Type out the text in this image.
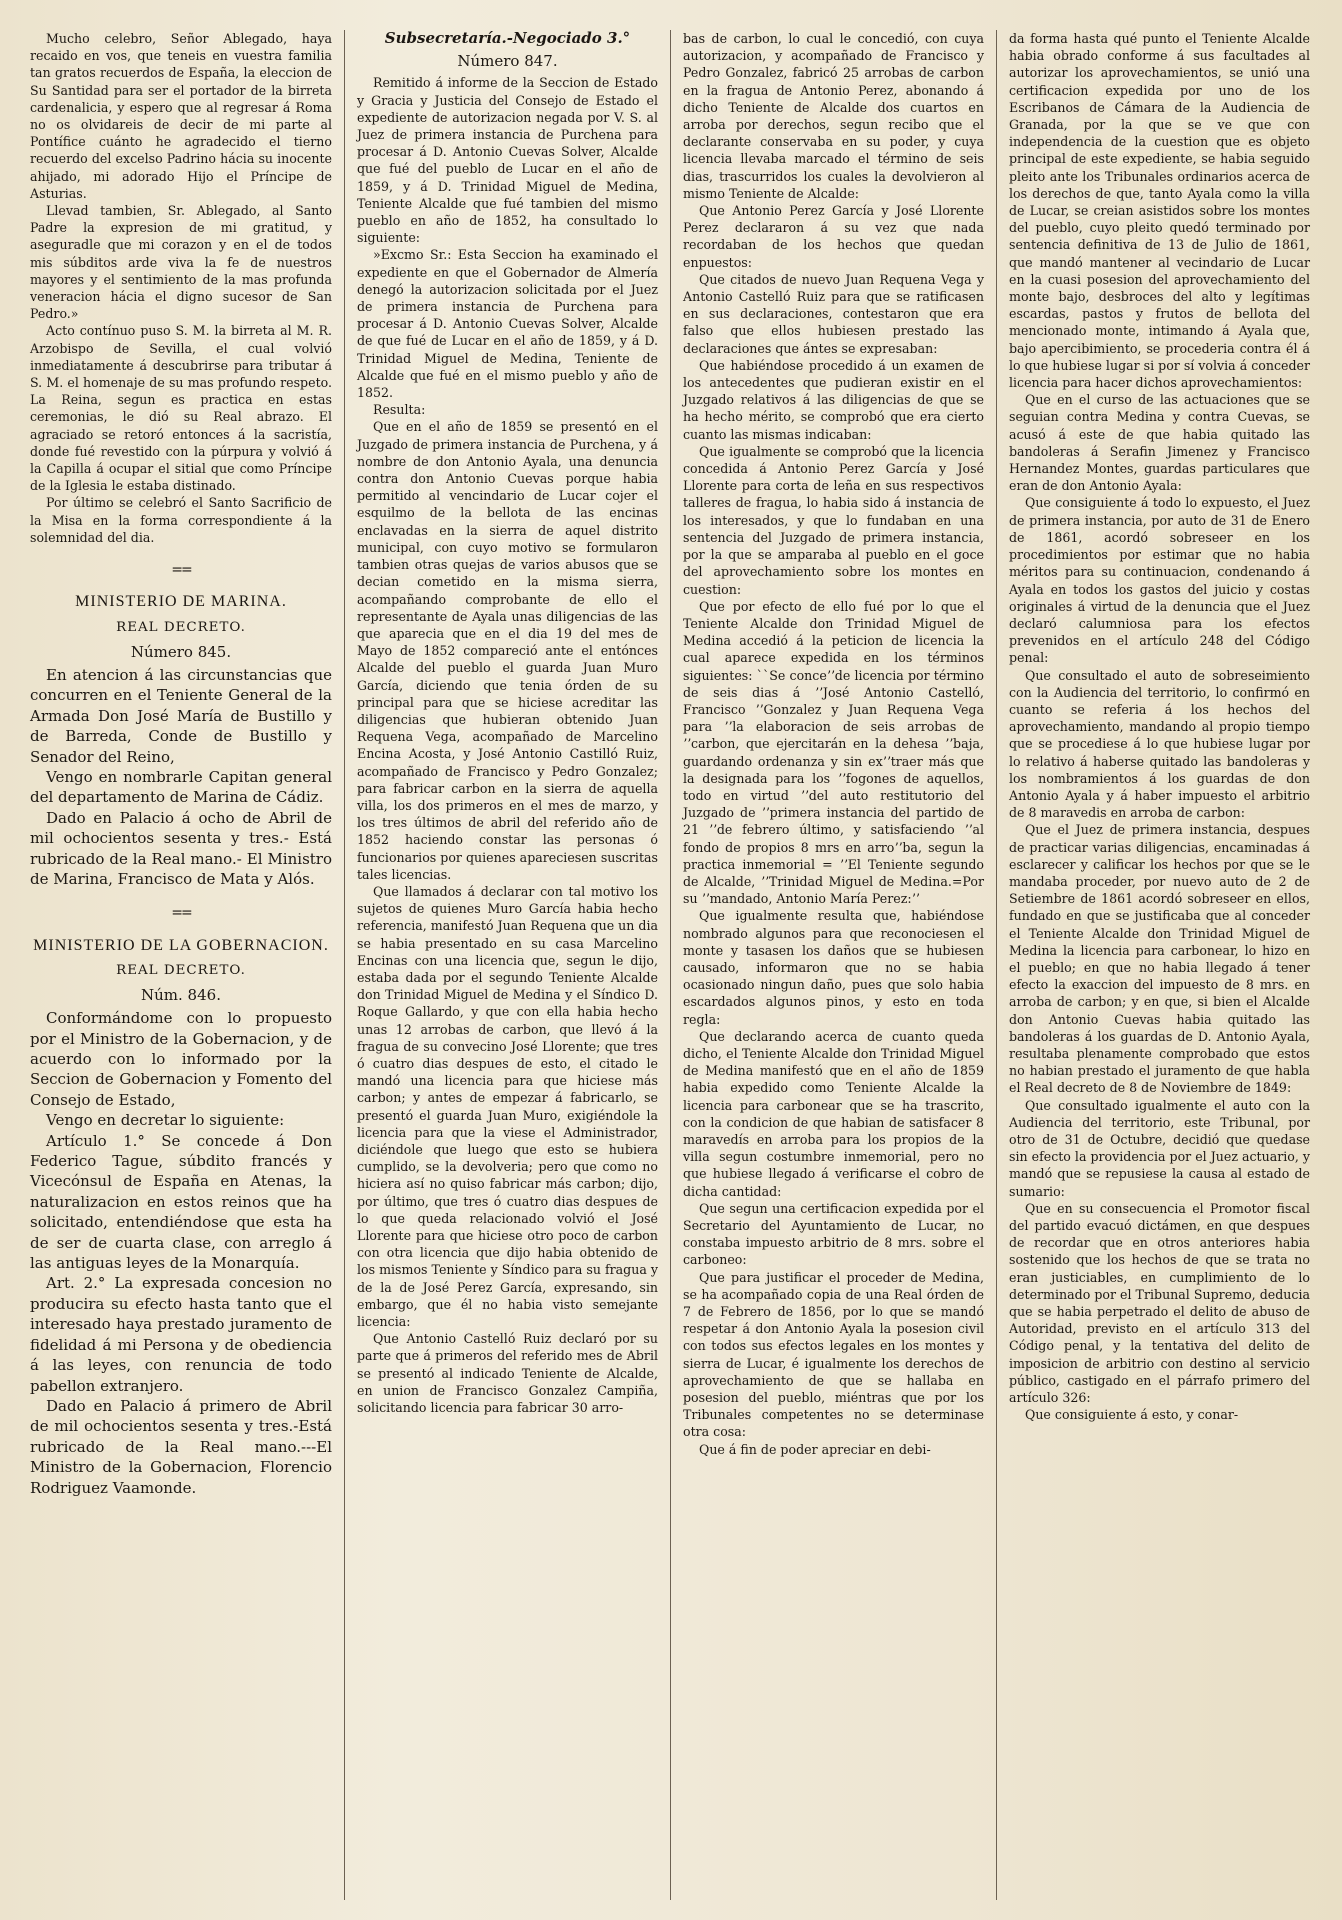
Mucho celebro, Señor Ablegado, haya recaido en vos, que teneis en vuestra familia tan gratos recuerdos de España, la eleccion de Su Santidad para ser el portador de la birreta cardenalicia, y espero que al regresar á Roma no os olvidareis de decir de mi parte al Pontífice cuánto he agradecido el tierno recuerdo del excelso Padrino hácia su inocente ahijado, mi adorado Hijo el Príncipe de Asturias.

Llevad tambien, Sr. Ablegado, al Santo Padre la expresion de mi gratitud, y aseguradle que mi corazon y en el de todos mis súbditos arde viva la fe de nuestros mayores y el sentimiento de la mas profunda veneracion hácia el digno sucesor de San Pedro.»

Acto contínuo puso S. M. la birreta al M. R. Arzobispo de Sevilla, el cual volvió inmediatamente á descubrirse para tributar á S. M. el homenaje de su mas profundo respeto. La Reina, segun es practica en estas ceremonias, le dió su Real abrazo. El agraciado se retoró entonces á la sacristía, donde fué revestido con la púrpura y volvió á la Capilla á ocupar el sitial que como Príncipe de la Iglesia le estaba distinado.

Por último se celebró el Santo Sacrificio de la Misa en la forma correspondiente á la solemnidad del dia.

==
MINISTERIO DE MARINA.
REAL DECRETO.
Número 845.

En atencion á las circunstancias que concurren en el Teniente General de la Armada Don José María de Bustillo y de Barreda, Conde de Bustillo y Senador del Reino,

Vengo en nombrarle Capitan general del departamento de Marina de Cádiz.

Dado en Palacio á ocho de Abril de mil ochocientos sesenta y tres.- Está rubricado de la Real mano.- El Ministro de Marina, Francisco de Mata y Alós.

==
MINISTERIO DE LA GOBERNACION.
REAL DECRETO.
Núm. 846.

Conformándome con lo propuesto por el Ministro de la Gobernacion, y de acuerdo con lo informado por la Seccion de Gobernacion y Fomento del Consejo de Estado,

Vengo en decretar lo siguiente:

Artículo 1.° Se concede á Don Federico Tague, súbdito francés y Vicecónsul de España en Atenas, la naturalizacion en estos reinos que ha solicitado, entendiéndose que esta ha de ser de cuarta clase, con arreglo á las antiguas leyes de la Monarquía.

Art. 2.° La expresada concesion no producira su efecto hasta tanto que el interesado haya prestado juramento de fidelidad á mi Persona y de obediencia á las leyes, con renuncia de todo pabellon extranjero.

Dado en Palacio á primero de Abril de mil ochocientos sesenta y tres.-Está rubricado de la Real mano.---El Ministro de la Gobernacion, Florencio Rodriguez Vaamonde.

Subsecretaría.-Negociado 3.°
Número 847.

Remitido á informe de la Seccion de Estado y Gracia y Justicia del Consejo de Estado el expediente de autorizacion negada por V. S. al Juez de primera instancia de Purchena para procesar á D. Antonio Cuevas Solver, Alcalde que fué del pueblo de Lucar en el año de 1859, y á D. Trinidad Miguel de Medina, Teniente Alcalde que fué tambien del mismo pueblo en año de 1852, ha consultado lo siguiente:

»Excmo Sr.: Esta Seccion ha examinado el expediente en que el Gobernador de Almería denegó la autorizacion solicitada por el Juez de primera instancia de Purchena para procesar á D. Antonio Cuevas Solver, Alcalde de que fué de Lucar en el año de 1859, y á D. Trinidad Miguel de Medina, Teniente de Alcalde que fué en el mismo pueblo y año de 1852.

Resulta:

Que en el año de 1859 se presentó en el Juzgado de primera instancia de Purchena, y á nombre de don Antonio Ayala, una denuncia contra don Antonio Cuevas porque habia permitido al vencindario de Lucar cojer el esquilmo de la bellota de las encinas enclavadas en la sierra de aquel distrito municipal, con cuyo motivo se formularon tambien otras quejas de varios abusos que se decian cometido en la misma sierra, acompañando comprobante de ello el representante de Ayala unas diligencias de las que aparecia que en el dia 19 del mes de Mayo de 1852 compareció ante el entónces Alcalde del pueblo el guarda Juan Muro García, diciendo que tenia órden de su principal para que se hiciese acreditar las diligencias que hubieran obtenido Juan Requena Vega, acompañado de Marcelino Encina Acosta, y José Antonio Castilló Ruiz, acompañado de Francisco y Pedro Gonzalez; para fabricar carbon en la sierra de aquella villa, los dos primeros en el mes de marzo, y los tres últimos de abril del referido año de 1852 haciendo constar las personas ó funcionarios por quienes apareciesen suscritas tales licencias.

Que llamados á declarar con tal motivo los sujetos de quienes Muro García habia hecho referencia, manifestó Juan Requena que un dia se habia presentado en su casa Marcelino Encinas con una licencia que, segun le dijo, estaba dada por el segundo Teniente Alcalde don Trinidad Miguel de Medina y el Síndico D. Roque Gallardo, y que con ella habia hecho unas 12 arrobas de carbon, que llevó á la fragua de su convecino José Llorente; que tres ó cuatro dias despues de esto, el citado le mandó una licencia para que hiciese más carbon; y antes de empezar á fabricarlo, se presentó el guarda Juan Muro, exigiéndole la licencia para que la viese el Administrador, diciéndole que luego que esto se hubiera cumplido, se la devolveria; pero que como no hiciera así no quiso fabricar más carbon; dijo, por último, que tres ó cuatro dias despues de lo que queda relacionado volvió el José Llorente para que hiciese otro poco de carbon con otra licencia que dijo habia obtenido de los mismos Teniente y Síndico para su fragua y de la de José Perez García, expresando, sin embargo, que él no habia visto semejante licencia:

Que Antonio Castelló Ruiz declaró por su parte que á primeros del referido mes de Abril se presentó al indicado Teniente de Alcalde, en union de Francisco Gonzalez Campiña, solicitando licencia para fabricar 30 arro-

bas de carbon, lo cual le concedió, con cuya autorizacion, y acompañado de Francisco y Pedro Gonzalez, fabricó 25 arrobas de carbon en la fragua de Antonio Perez, abonando á dicho Teniente de Alcalde dos cuartos en arroba por derechos, segun recibo que el declarante conservaba en su poder, y cuya licencia llevaba marcado el término de seis dias, trascurridos los cuales la devolvieron al mismo Teniente de Alcalde:

Que Antonio Perez García y José Llorente Perez declararon á su vez que nada recordaban de los hechos que quedan enpuestos:

Que citados de nuevo Juan Requena Vega y Antonio Castelló Ruiz para que se ratificasen en sus declaraciones, contestaron que era falso que ellos hubiesen prestado las declaraciones que ántes se expresaban:

Que habiéndose procedido á un examen de los antecedentes que pudieran existir en el Juzgado relativos á las diligencias de que se ha hecho mérito, se comprobó que era cierto cuanto las mismas indicaban:

Que igualmente se comprobó que la licencia concedida á Antonio Perez García y José Llorente para corta de leña en sus respectivos talleres de fragua, lo habia sido á instancia de los interesados, y que lo fundaban en una sentencia del Juzgado de primera instancia, por la que se amparaba al pueblo en el goce del aprovechamiento sobre los montes en cuestion:

Que por efecto de ello fué por lo que el Teniente Alcalde don Trinidad Miguel de Medina accedió á la peticion de licencia la cual aparece expedida en los términos siguientes: ``Se conceʼʼde licencia por término de seis dias á ʼʼJosé Antonio Castelló, Francisco ʼʼGonzalez y Juan Requena Vega para ʼʼla elaboracion de seis arrobas de ʼʼcarbon, que ejercitarán en la dehesa ʼʼbaja, guardando ordenanza y sin exʼʼtraer más que la designada para los ʼʼfogones de aquellos, todo en virtud ʼʼdel auto restitutorio del Juzgado de ʼʼprimera instancia del partido de 21 ʼʼde febrero último, y satisfaciendo ʼʼal fondo de propios 8 mrs en arroʼʼba, segun la practica inmemorial = ʼʼEl Teniente segundo de Alcalde, ʼʼTrinidad Miguel de Medina.=Por su ʼʼmandado, Antonio María Perez:ʼʼ

Que igualmente resulta que, habiéndose nombrado algunos para que reconociesen el monte y tasasen los daños que se hubiesen causado, informaron que no se habia ocasionado ningun daño, pues que solo habia escardados algunos pinos, y esto en toda regla:

Que declarando acerca de cuanto queda dicho, el Teniente Alcalde don Trinidad Miguel de Medina manifestó que en el año de 1859 habia expedido como Teniente Alcalde la licencia para carbonear que se ha trascrito, con la condicion de que habian de satisfacer 8 maravedís en arroba para los propios de la villa segun costumbre inmemorial, pero no que hubiese llegado á verificarse el cobro de dicha cantidad:

Que segun una certificacion expedida por el Secretario del Ayuntamiento de Lucar, no constaba impuesto arbitrio de 8 mrs. sobre el carboneo:

Que para justificar el proceder de Medina, se ha acompañado copia de una Real órden de 7 de Febrero de 1856, por lo que se mandó respetar á don Antonio Ayala la posesion civil con todos sus efectos legales en los montes y sierra de Lucar, é igualmente los derechos de aprovechamiento de que se hallaba en posesion del pueblo, miéntras que por los Tribunales competentes no se determinase otra cosa:

Que á fin de poder apreciar en debi-

da forma hasta qué punto el Teniente Alcalde habia obrado conforme á sus facultades al autorizar los aprovechamientos, se unió una certificacion expedida por uno de los Escribanos de Cámara de la Audiencia de Granada, por la que se ve que con independencia de la cuestion que es objeto principal de este expediente, se habia seguido pleito ante los Tribunales ordinarios acerca de los derechos de que, tanto Ayala como la villa de Lucar, se creian asistidos sobre los montes del pueblo, cuyo pleito quedó terminado por sentencia definitiva de 13 de Julio de 1861, que mandó mantener al vecindario de Lucar en la cuasi posesion del aprovechamiento del monte bajo, desbroces del alto y legítimas escardas, pastos y frutos de bellota del mencionado monte, intimando á Ayala que, bajo apercibimiento, se procederia contra él á lo que hubiese lugar si por sí volvia á conceder licencia para hacer dichos aprovechamientos:

Que en el curso de las actuaciones que se seguian contra Medina y contra Cuevas, se acusó á este de que habia quitado las bandoleras á Serafin Jimenez y Francisco Hernandez Montes, guardas particulares que eran de don Antonio Ayala:

Que consiguiente á todo lo expuesto, el Juez de primera instancia, por auto de 31 de Enero de 1861, acordó sobreseer en los procedimientos por estimar que no habia méritos para su continuacion, condenando á Ayala en todos los gastos del juicio y costas originales á virtud de la denuncia que el Juez declaró calumniosa para los efectos prevenidos en el artículo 248 del Código penal:

Que consultado el auto de sobreseimiento con la Audiencia del territorio, lo confirmó en cuanto se referia á los hechos del aprovechamiento, mandando al propio tiempo que se procediese á lo que hubiese lugar por lo relativo á haberse quitado las bandoleras y los nombramientos á los guardas de don Antonio Ayala y á haber impuesto el arbitrio de 8 maravedis en arroba de carbon:

Que el Juez de primera instancia, despues de practicar varias diligencias, encaminadas á esclarecer y calificar los hechos por que se le mandaba proceder, por nuevo auto de 2 de Setiembre de 1861 acordó sobreseer en ellos, fundado en que se justificaba que al conceder el Teniente Alcalde don Trinidad Miguel de Medina la licencia para carbonear, lo hizo en el pueblo; en que no habia llegado á tener efecto la exaccion del impuesto de 8 mrs. en arroba de carbon; y en que, si bien el Alcalde don Antonio Cuevas habia quitado las bandoleras á los guardas de D. Antonio Ayala, resultaba plenamente comprobado que estos no habian prestado el juramento de que habla el Real decreto de 8 de Noviembre de 1849:

Que consultado igualmente el auto con la Audiencia del territorio, este Tribunal, por otro de 31 de Octubre, decidió que quedase sin efecto la providencia por el Juez actuario, y mandó que se repusiese la causa al estado de sumario:

Que en su consecuencia el Promotor fiscal del partido evacuó dictámen, en que despues de recordar que en otros anteriores habia sostenido que los hechos de que se trata no eran justiciables, en cumplimiento de lo determinado por el Tribunal Supremo, deducia que se habia perpetrado el delito de abuso de Autoridad, previsto en el artículo 313 del Código penal, y la tentativa del delito de imposicion de arbitrio con destino al servicio público, castigado en el párrafo primero del artículo 326:

Que consiguiente á esto, y conar-
